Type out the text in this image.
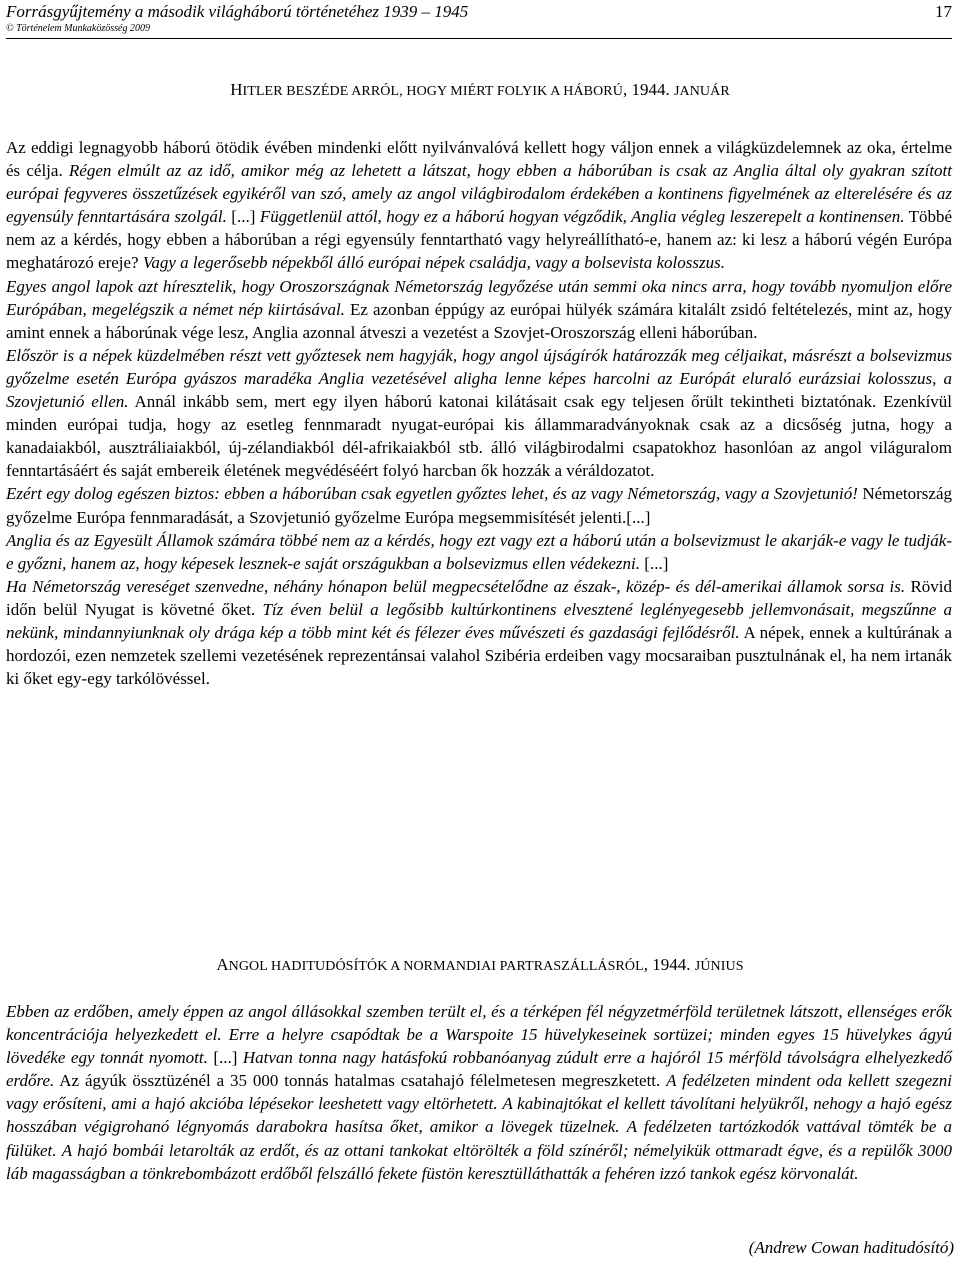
Forrásgyűjtemény a második világháború történetéhez 1939 – 1945
© Történelem Munkaközösség 2009
17
HITLER BESZÉDE ARRÓL, HOGY MIÉRT FOLYIK A HÁBORÚ, 1944. JANUÁR

Az eddigi legnagyobb háború ötödik évében mindenki előtt nyilvánvalóvá kellett hogy váljon ennek a világküzdelemnek az oka, értelme és célja. Régen elmúlt az az idő, amikor még az lehetett a látszat, hogy ebben a háborúban is csak az Anglia által oly gyakran szított európai fegyveres összetűzések egyikéről van szó, amely az angol világbirodalom érdekében a kontinens figyelmének az elterelésére és az egyensúly fenntartására szolgál. [...] Függetlenül attól, hogy ez a háború hogyan végződik, Anglia végleg leszerepelt a kontinensen. Többé nem az a kérdés, hogy ebben a háborúban a régi egyensúly fenntartható vagy helyreállítható-e, hanem az: ki lesz a háború végén Európa meghatározó ereje? Vagy a legerősebb népekből álló európai népek családja, vagy a bolsevista kolosszus.

Egyes angol lapok azt híresztelik, hogy Oroszországnak Németország legyőzése után semmi oka nincs arra, hogy tovább nyomuljon előre Európában, megelégszik a német nép kiirtásával. Ez azonban éppúgy az európai hülyék számára kitalált zsidó feltételezés, mint az, hogy amint ennek a háborúnak vége lesz, Anglia azonnal átveszi a vezetést a Szovjet-Oroszország elleni háborúban.

Először is a népek küzdelmében részt vett győztesek nem hagyják, hogy angol újságírók határozzák meg céljaikat, másrészt a bolsevizmus győzelme esetén Európa gyászos maradéka Anglia vezetésével aligha lenne képes harcolni az Európát eluraló eurázsiai kolosszus, a Szovjetunió ellen. Annál inkább sem, mert egy ilyen háború katonai kilátásait csak egy teljesen őrült tekintheti biztatónak. Ezenkívül minden európai tudja, hogy az esetleg fennmaradt nyugat-európai kis állammaradványoknak csak az a dicsőség jutna, hogy a kanadaiakból, ausztráliaiakból, új-zélandiakból dél-afrikaiakból stb. álló világbirodalmi csapatokhoz hasonlóan az angol világuralom fenntartásáért és saját embereik életének megvédéséért folyó harcban ők hozzák a véráldozatot.

Ezért egy dolog egészen biztos: ebben a háborúban csak egyetlen győztes lehet, és az vagy Németország, vagy a Szovjetunió! Németország győzelme Európa fennmaradását, a Szovjetunió győzelme Európa megsemmisítését jelenti.[...]

Anglia és az Egyesült Államok számára többé nem az a kérdés, hogy ezt vagy ezt a háború után a bolsevizmust le akarják-e vagy le tudják-e győzni, hanem az, hogy képesek lesznek-e saját országukban a bolsevizmus ellen védekezni. [...]

Ha Németország vereséget szenvedne, néhány hónapon belül megpecsételődne az észak-, közép- és dél-amerikai államok sorsa is. Rövid időn belül Nyugat is követné őket. Tíz éven belül a legősibb kultúrkontinens elvesztené leglényegesebb jellemvonásait, megszűnne a nekünk, mindannyiunknak oly drága kép a több mint két és félezer éves művészeti és gazdasági fejlődésről. A népek, ennek a kultúrának a hordozói, ezen nemzetek szellemi vezetésének reprezentánsai valahol Szibéria erdeiben vagy mocsaraiban pusztulnának el, ha nem irtanák ki őket egy-egy tarkólövéssel.

ANGOL HADITUDÓSÍTÓK A NORMANDIAI PARTRASZÁLLÁSRÓL, 1944. JÚNIUS

Ebben az erdőben, amely éppen az angol állásokkal szemben terült el, és a térképen fél négyzetmérföld területnek látszott, ellenséges erők koncentrációja helyezkedett el. Erre a helyre csapódtak be a Warspoite 15 hüvelykeseinek sortüzei; minden egyes 15 hüvelykes ágyú lövedéke egy tonnát nyomott. [...] Hatvan tonna nagy hatásfokú robbanóanyag zúdult erre a hajóról 15 mérföld távolságra elhelyezkedő erdőre. Az ágyúk össztüzénél a 35 000 tonnás hatalmas csatahajó félelmetesen megreszketett. A fedélzeten mindent oda kellett szegezni vagy erősíteni, ami a hajó akcióba lépésekor leeshetett vagy eltörhetett. A kabinajtókat el kellett távolítani helyükről, nehogy a hajó egész hosszában végigrohanó légnyomás darabokra hasítsa őket, amikor a lövegek tüzelnek. A fedélzeten tartózkodók vattával tömték be a fülüket. A hajó bombái letarolták az erdőt, és az ottani tankokat eltörölték a föld színéről; némelyikük ottmaradt égve, és a repülők 3000 láb magasságban a tönkrebombázott erdőből felszálló fekete füstön keresztülláthatták a fehéren izzó tankok egész körvonalát.

(Andrew Cowan haditudósító)
